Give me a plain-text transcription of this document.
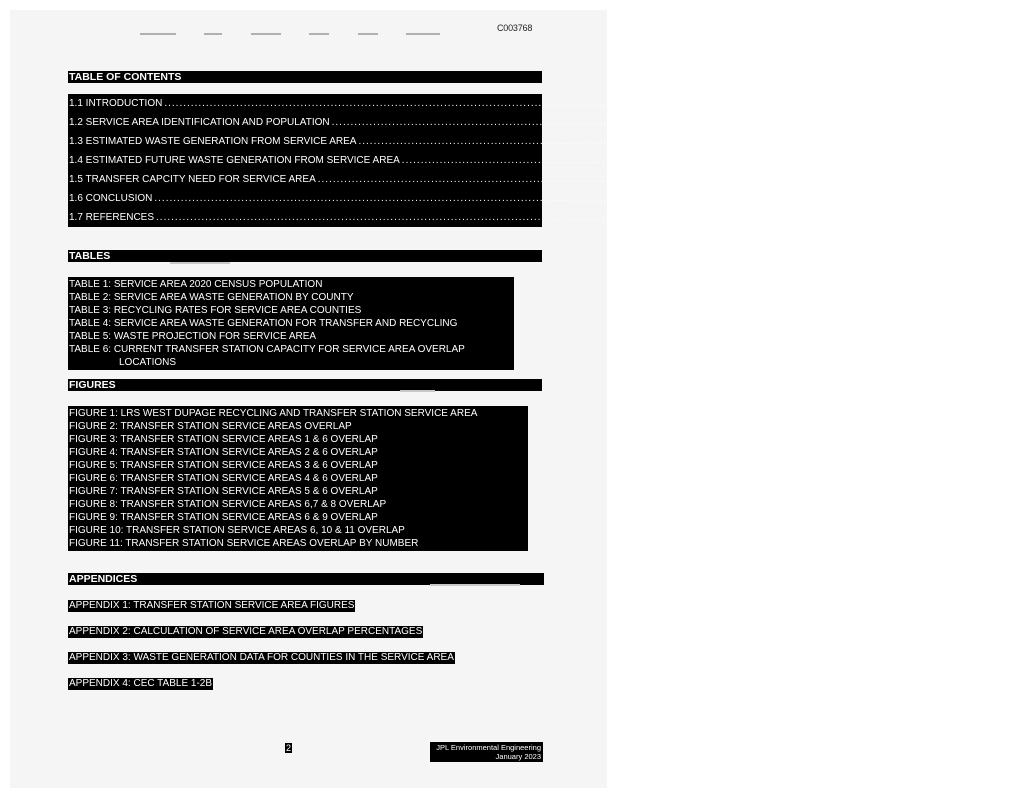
C003768
TABLE OF CONTENTS
1.1 INTRODUCTION ................................................................................................................................................................. 4
1.2 SERVICE AREA IDENTIFICATION AND POPULATION ................................................................................................................................................................. 6
1.3 ESTIMATED WASTE GENERATION FROM SERVICE AREA ................................................................................................................................................................. 7
1.4 ESTIMATED FUTURE WASTE GENERATION FROM SERVICE AREA ................................................................................................................................................................. 10
1.5 TRANSFER CAPCITY NEED FOR SERVICE AREA ................................................................................................................................................................. 11
1.6 CONCLUSION ................................................................................................................................................................. 18
1.7 REFERENCES ................................................................................................................................................................. 20
TABLES
TABLE 1: SERVICE AREA 2020 CENSUS POPULATION
TABLE 2: SERVICE AREA WASTE GENERATION BY COUNTY
TABLE 3: RECYCLING RATES FOR SERVICE AREA COUNTIES
TABLE 4: SERVICE AREA WASTE GENERATION FOR TRANSFER AND RECYCLING
TABLE 5: WASTE PROJECTION FOR SERVICE AREA
TABLE 6: CURRENT TRANSFER STATION CAPACITY FOR SERVICE AREA OVERLAP
LOCATIONS
FIGURES
FIGURE 1: LRS WEST DUPAGE RECYCLING AND TRANSFER STATION SERVICE AREA
FIGURE 2: TRANSFER STATION SERVICE AREAS OVERLAP
FIGURE 3: TRANSFER STATION SERVICE AREAS 1 & 6 OVERLAP
FIGURE 4: TRANSFER STATION SERVICE AREAS 2 & 6 OVERLAP
FIGURE 5: TRANSFER STATION SERVICE AREAS 3 & 6 OVERLAP
FIGURE 6: TRANSFER STATION SERVICE AREAS 4 & 6 OVERLAP
FIGURE 7: TRANSFER STATION SERVICE AREAS 5 & 6 OVERLAP
FIGURE 8: TRANSFER STATION SERVICE AREAS 6,7 & 8 OVERLAP
FIGURE 9: TRANSFER STATION SERVICE AREAS 6 & 9 OVERLAP
FIGURE 10: TRANSFER STATION SERVICE AREAS 6, 10 & 11 OVERLAP
FIGURE 11: TRANSFER STATION SERVICE AREAS OVERLAP BY NUMBER
APPENDICES
APPENDIX 1: TRANSFER STATION SERVICE AREA FIGURES
APPENDIX 2: CALCULATION OF SERVICE AREA OVERLAP PERCENTAGES
APPENDIX 3: WASTE GENERATION DATA FOR COUNTIES IN THE SERVICE AREA
APPENDIX 4: CEC TABLE 1-2B
2	JPL Environmental Engineering
January 2023
